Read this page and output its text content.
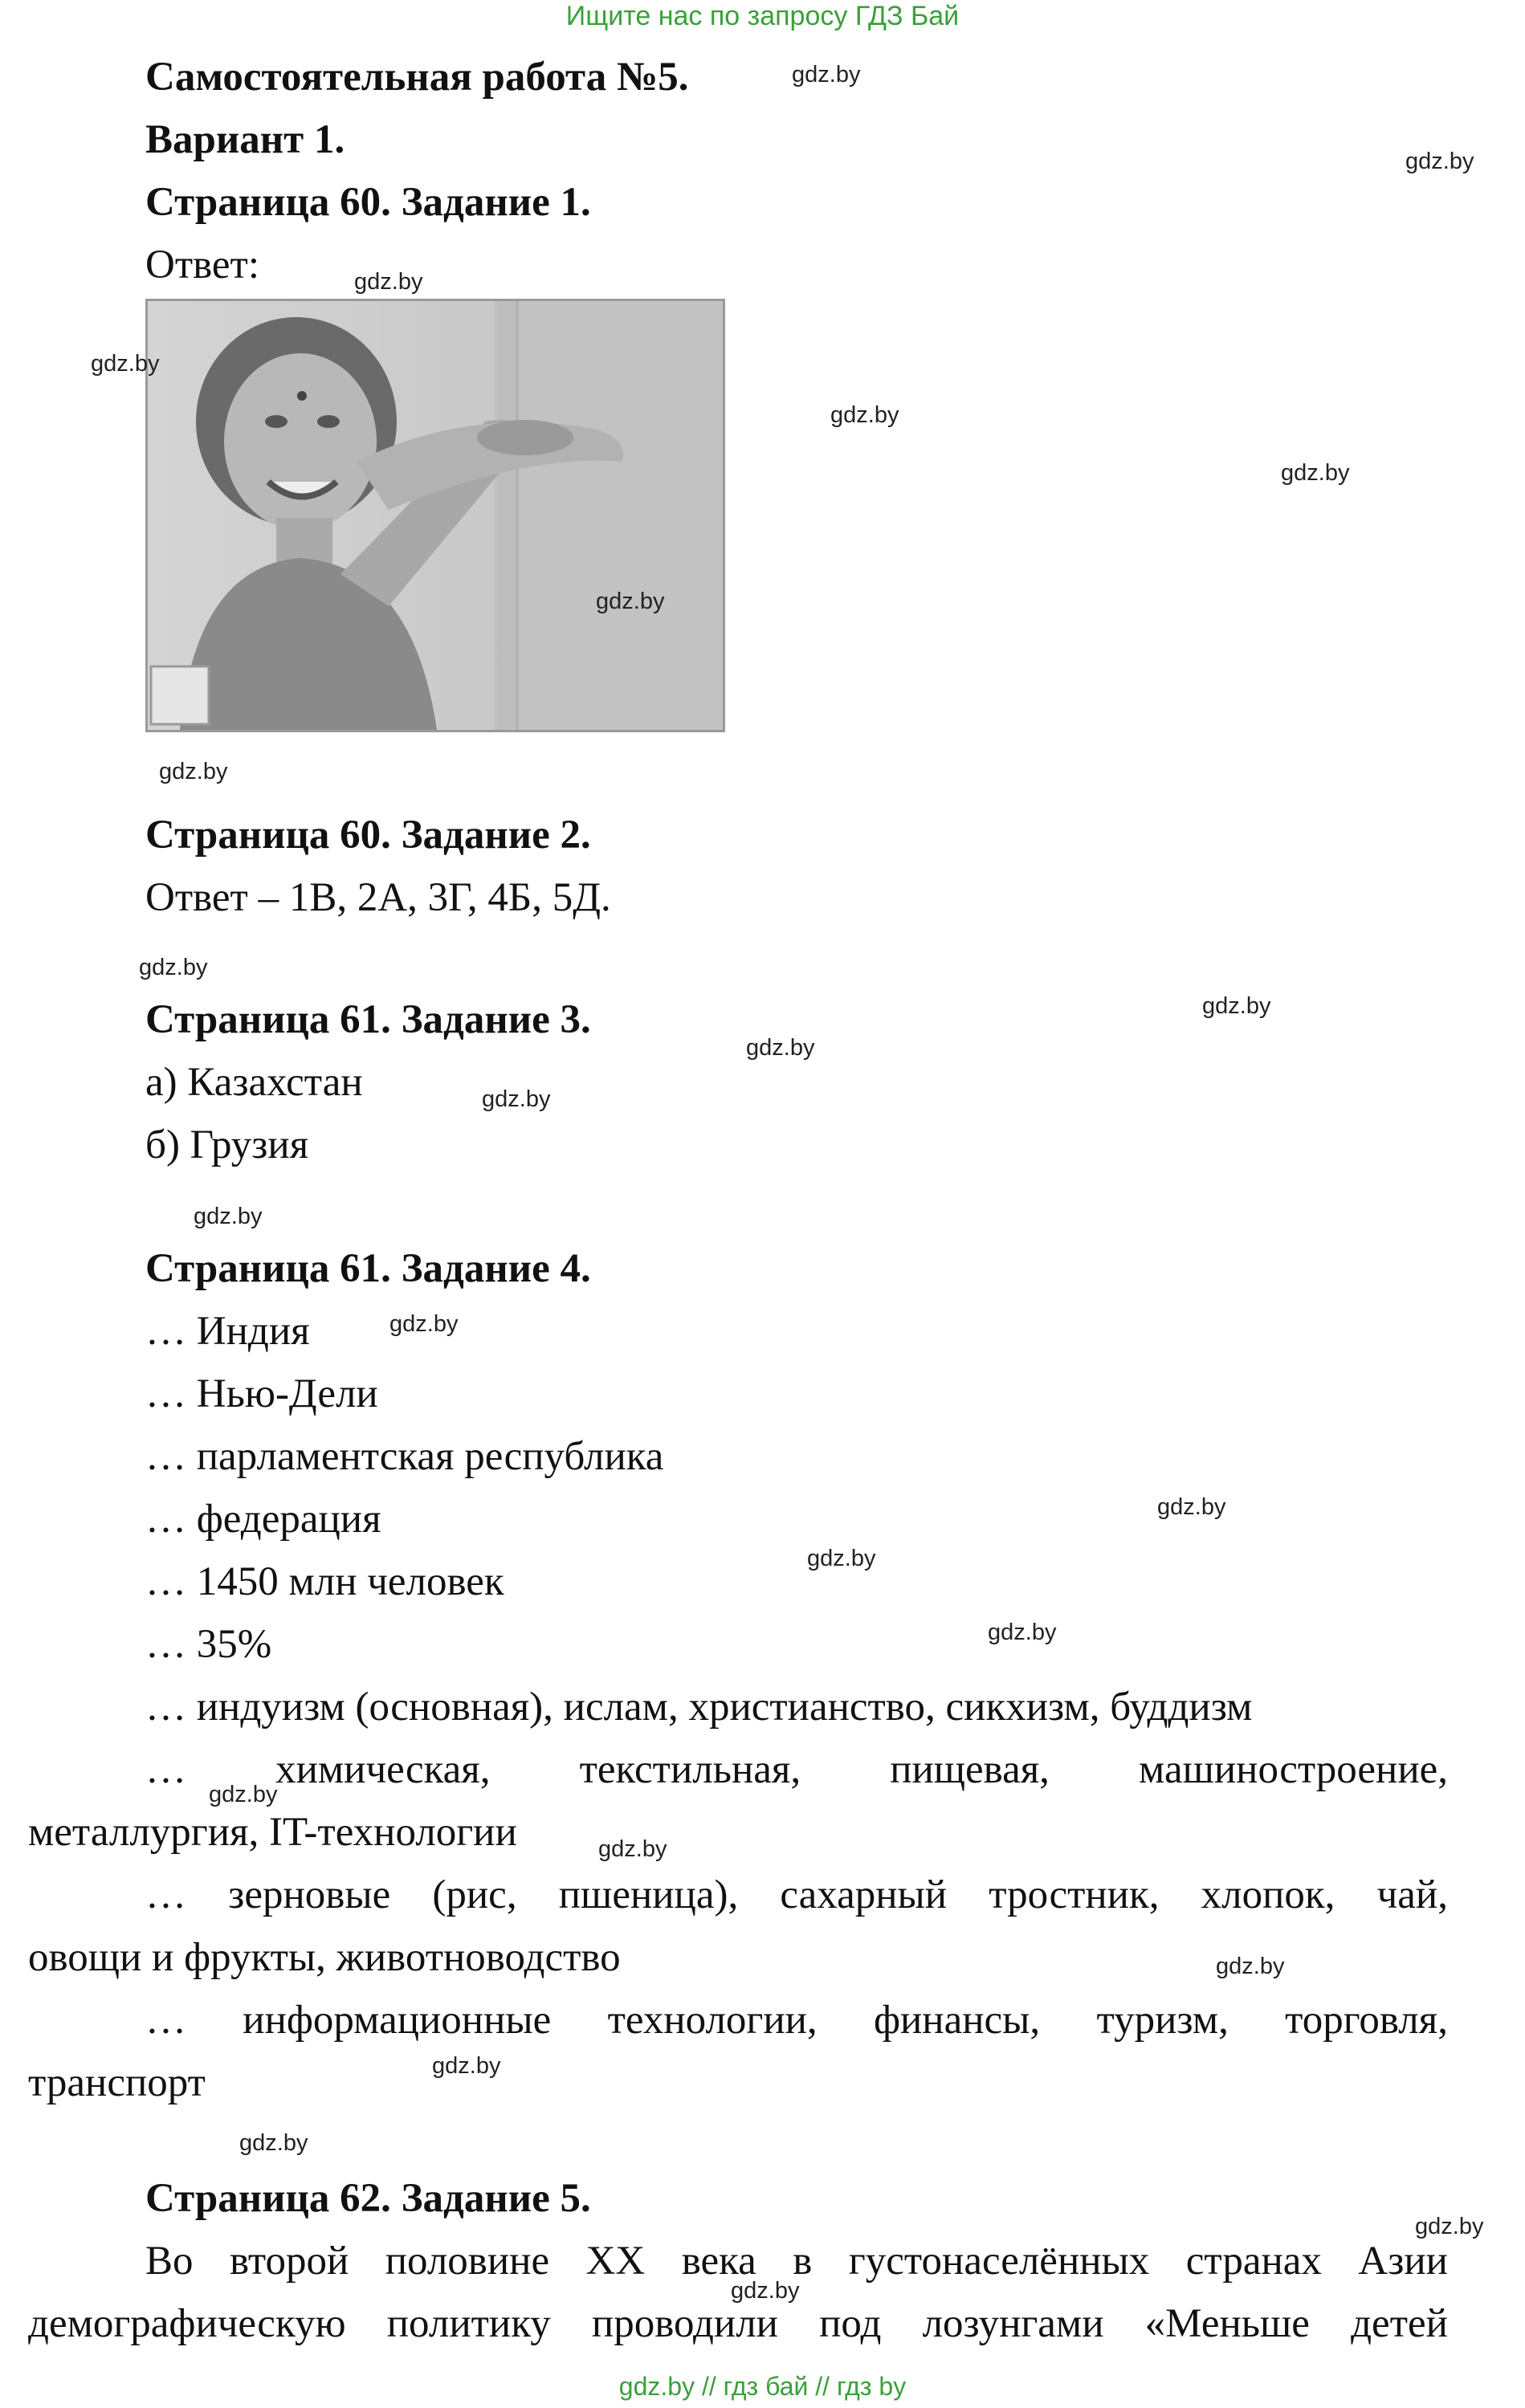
Ищите нас по запросу ГДЗ Бай
Самостоятельная работа №5.
Вариант 1.
Страница 60. Задание 1.
Ответ:
Страница 60. Задание 2.
Ответ – 1В, 2А, 3Г, 4Б, 5Д.
Страница 61. Задание 3.
а) Казахстан
б) Грузия
Страница 61. Задание 4.
… Индия
… Нью-Дели
… парламентская республика
… федерация
… 1450 млн человек
… 35%
… индуизм (основная), ислам, христианство, сикхизм, буддизм
… химическая, текстильная, пищевая, машиностроение,
металлургия, IT-технологии
… зерновые (рис, пшеница), сахарный тростник, хлопок, чай,
овощи и фрукты, животноводство
… информационные технологии, финансы, туризм, торговля,
транспорт
Страница 62. Задание 5.
Во второй половине XX века в густонаселённых странах Азии
демографическую политику проводили под лозунгами «Меньше детей
gdz.by
gdz.by
gdz.by
gdz.by
gdz.by
gdz.by
gdz.by
gdz.by
gdz.by
gdz.by
gdz.by
gdz.by
gdz.by
gdz.by
gdz.by
gdz.by
gdz.by
gdz.by
gdz.by
gdz.by
gdz.by
gdz.by
gdz.by
gdz.by
gdz.by // гдз бай // гдз by
